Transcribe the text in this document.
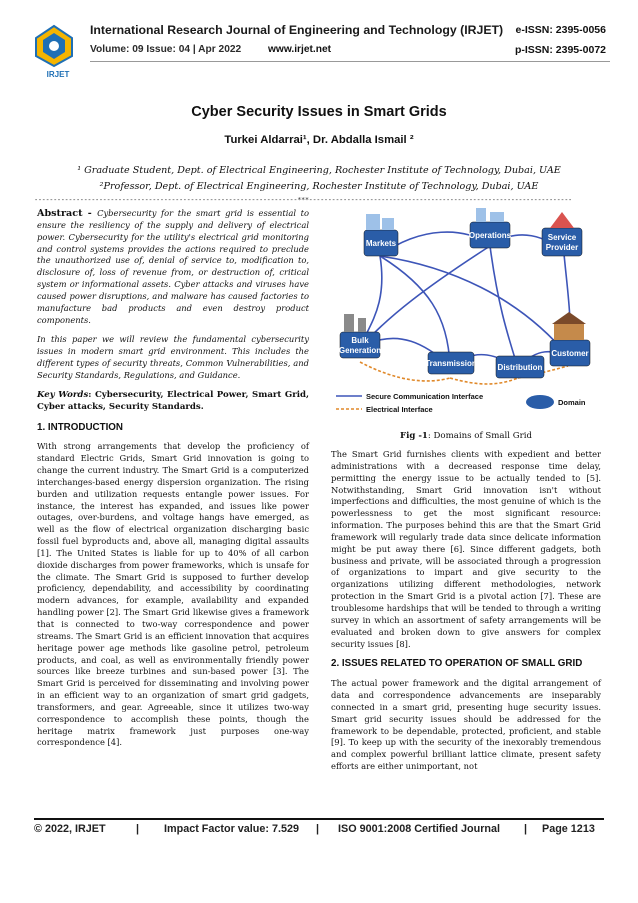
IRJET
International Research Journal of Engineering and Technology (IRJET) e-ISSN: 2395-0056
Volume: 09 Issue: 04 | Apr 2022	www.irjet.net	p-ISSN: 2395-0072
Cyber Security Issues in Smart Grids
Turkei Aldarrai¹, Dr. Abdalla Ismail ²
¹ Graduate Student, Dept. of Electrical Engineering, Rochester Institute of Technology, Dubai, UAE
²Professor, Dept. of Electrical Engineering, Rochester Institute of Technology, Dubai, UAE
---------------------------------------------------------------------***---------------------------------------------------------------------

Abstract - Cybersecurity for the smart grid is essential to ensure the resiliency of the supply and delivery of electrical power. Cybersecurity for the utility's electrical grid monitoring and control systems provides the actions required to preclude the unauthorized use of, denial of service to, modification to, disclosure of, loss of revenue from, or destruction of, critical system or informational assets. Cyber attacks and viruses have caused power disruptions, and malware has caused factories to manufacture bad products and even destroy product components.

In this paper we will review the fundamental cybersecurity issues in modern smart grid environment. This includes the different types of security threats, Common Vulnerabilities, and Security Standards, Regulations, and Guidance.

Key Words: Cybersecurity, Electrical Power, Smart Grid, Cyber attacks, Security Standards.

1. INTRODUCTION

With strong arrangements that develop the proficiency of standard Electric Grids, Smart Grid innovation is going to change the current industry. The Smart Grid is a computerized interchanges-based energy dispersion organization. The rising burden and utilization requests entangle power issues. For instance, the interest has expanded, and issues like power outages, over-burdens, and voltage hangs have emerged, as well as the flow of electrical organization discharging basic fossil fuel byproducts and, above all, managing digital assaults [1]. The United States is liable for up to 40% of all carbon dioxide discharges from power frameworks, which is unsafe for the climate. The Smart Grid is supposed to further develop proficiency, dependability, and accessibility by coordinating modern advances, for example, availability and expanded handling power [2]. The Smart Grid likewise gives a framework that is connected to two-way correspondence and power streams. The Smart Grid is an efficient innovation that acquires heritage power age methods like gasoline petrol, petroleum products, and coal, as well as environmentally friendly power sources like breeze turbines and sun-based power [3]. The Smart Grid is perceived for disseminating and involving power in an efficient way to an organization of smart grid gadgets, transformers, and gear. Agreeable, since it utilizes two-way correspondence to accomplish these points, though the heritage matrix framework just purposes one-way correspondence [4].

Markets
Operations	Service
Provider
Bulk
Generation
Transmission	Distribution
Customer
Secure Communication Interface
Electrical Interface
Domain
Fig -1: Domains of Small Grid

The Smart Grid furnishes clients with expedient and better administrations with a decreased response time delay, permitting the energy issue to be actually tended to [5]. Notwithstanding, Smart Grid innovation isn't without imperfections and difficulties, the most genuine of which is the powerlessness to get the most significant resource: information. The purposes behind this are that the Smart Grid framework will regularly trade data since delicate information might be put away there [6]. Since different gadgets, both business and private, will be associated through a progression of organizations to impart and give security to the organizations utilizing different methodologies, network protection in the Smart Grid is a pivotal action [7]. These are troublesome hardships that will be tended to through a writing survey in which an assortment of safety arrangements will be evaluated and broken down to give answers for complex security issues [8].

2. ISSUES RELATED TO OPERATION OF SMALL GRID

The actual power framework and the digital arrangement of data and correspondence advancements are inseparably connected in a smart grid, presenting huge security issues. Smart grid security issues should be addressed for the framework to be dependable, protected, proficient, and stable [9]. To keep up with the security of the inexorably tremendous and complex powerful brilliant lattice climate, present safety efforts are either unimportant, not

© 2022, IRJET	| Impact Factor value: 7.529 | ISO 9001:2008 Certified Journal | Page 1213
